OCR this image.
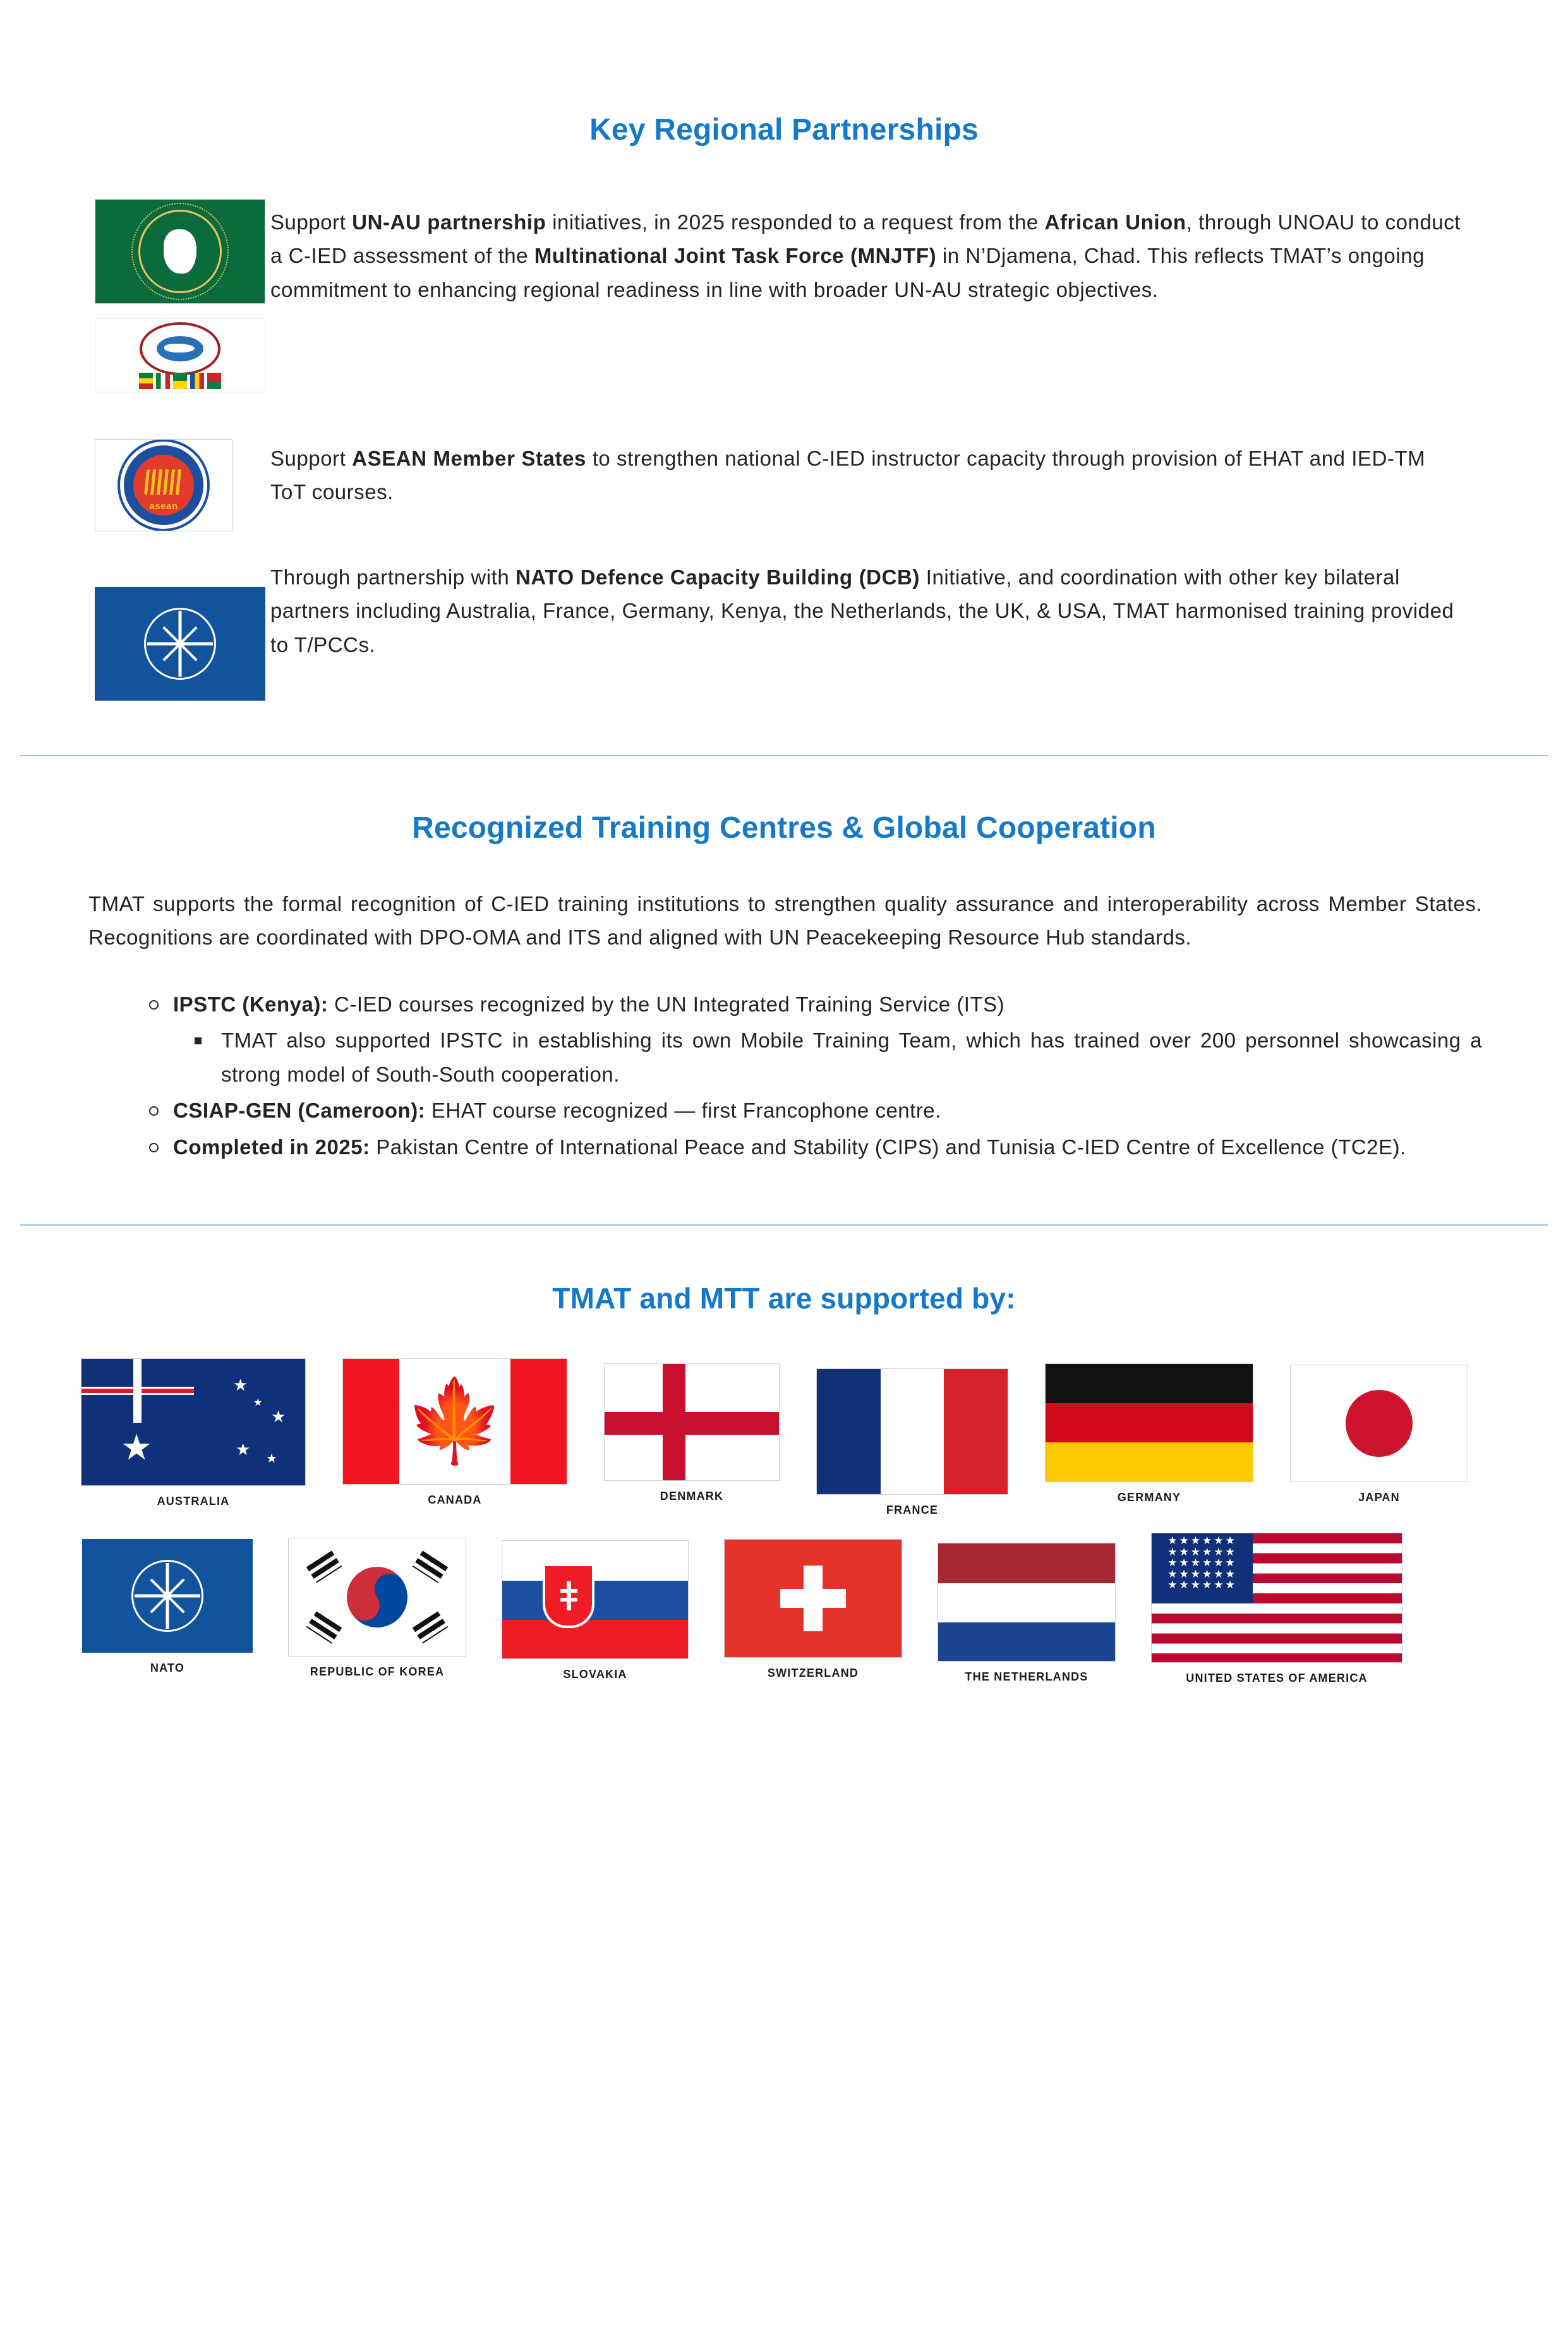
Key Regional Partnerships
Support UN-AU partnership initiatives, in 2025 responded to a request from the African Union, through UNOAU to conduct a C-IED assessment of the Multinational Joint Task Force (MNJTF) in N’Djamena, Chad. This reflects TMAT’s ongoing commitment to enhancing regional readiness in line with broader UN-AU strategic objectives.
asean
Support ASEAN Member States to strengthen national C-IED instructor capacity through provision of EHAT and IED-TM ToT courses.
Through partnership with NATO Defence Capacity Building (DCB) Initiative, and coordination with other key bilateral partners including Australia, France, Germany, Kenya, the Netherlands, the UK, & USA, TMAT harmonised training provided to T/PCCs.
Recognized Training Centres & Global Cooperation

TMAT supports the formal recognition of C-IED training institutions to strengthen quality assurance and interoperability across Member States. Recognitions are coordinated with DPO-OMA and ITS and aligned with UN Peacekeeping Resource Hub standards.

IPSTC (Kenya): C-IED courses recognized by the UN Integrated Training Service (ITS)
TMAT also supported IPSTC in establishing its own Mobile Training Team, which has trained over 200 personnel showcasing a strong model of South-South cooperation.
CSIAP-GEN (Cameroon): EHAT course recognized — first Francophone centre.
Completed in 2025: Pakistan Centre of International Peace and Stability (CIPS) and Tunisia C-IED Centre of Excellence (TC2E).
TMAT and MTT are supported by:
★
★
★
★ ★
★
AUSTRALIA
🍁
CANADA	DENMARK
FRANCE
GERMANY	JAPAN
NATO	REPUBLIC OF KOREA	SLOVAKIA	SWITZERLAND	THE NETHERLANDS
★★★★★★
★★★★★★
★★★★★★
★★★★★★
★★★★★★
UNITED STATES OF AMERICA
